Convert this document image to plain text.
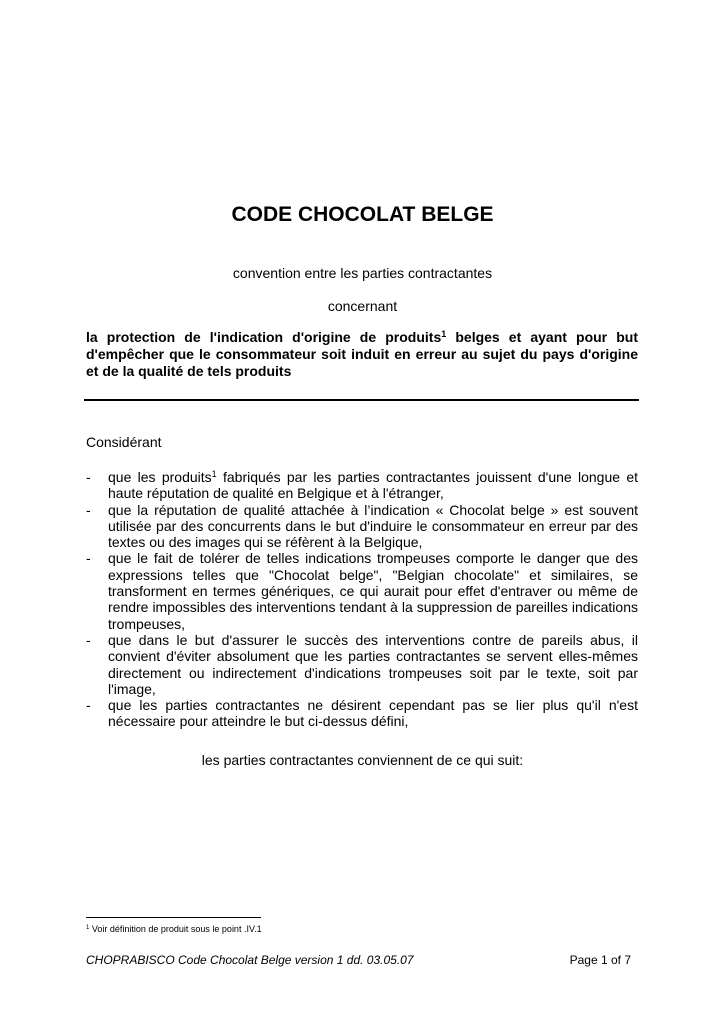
CODE CHOCOLAT BELGE
convention entre les parties contractantes
concernant
la protection de l'indication d'origine de produits$^1$ belges et ayant pour but d'empêcher que le consommateur soit induit en erreur au sujet du pays d'origine et de la qualité de tels produits
Considérant
- que les produits$^1$ fabriqués par les parties contractantes jouissent d'une longue et haute réputation de qualité en Belgique et à l'étranger,
- que la réputation de qualité attachée à l’indication « Chocolat belge » est souvent utilisée par des concurrents dans le but d'induire le consommateur en erreur par des textes ou des images qui se réfèrent à la Belgique,
- que le fait de tolérer de telles indications trompeuses comporte le danger que des expressions telles que "Chocolat belge", "Belgian chocolate" et similaires, se transforment en termes génériques, ce qui aurait pour effet d'entraver ou même de rendre impossibles des interventions tendant à la suppression de pareilles indications trompeuses,
- que dans le but d'assurer le succès des interventions contre de pareils abus, il convient d'éviter absolument que les parties contractantes se servent elles-mêmes directement ou indirectement d'indications trompeuses soit par le texte, soit par l'image,
- que les parties contractantes ne désirent cependant pas se lier plus qu'il n'est nécessaire pour atteindre le but ci-dessus défini,
les parties contractantes conviennent de ce qui suit:
$^1$ Voir définition de produit sous le point .IV.1
CHOPRABISCO Code Chocolat Belge version 1 dd. 03.05.07	Page 1 of 7
